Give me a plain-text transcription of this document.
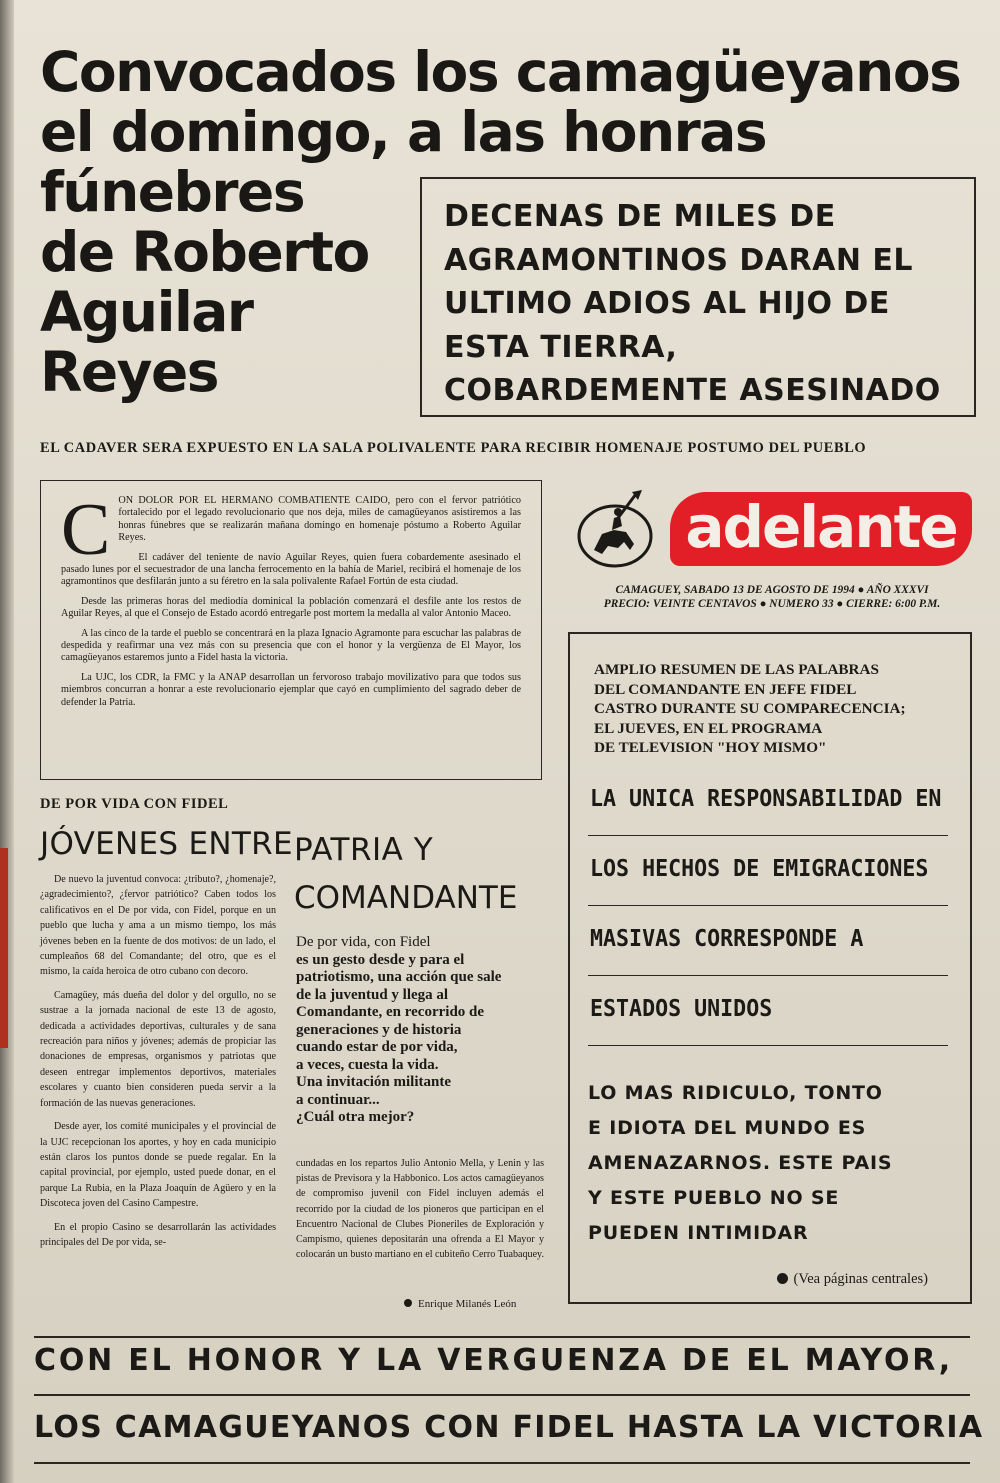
Convocados los camagüeyanos
el domingo, a las honras
fúnebres
de Roberto
Aguilar
Reyes
DECENAS DE MILES DE
AGRAMONTINOS DARAN EL
ULTIMO ADIOS AL HIJO DE
ESTA TIERRA,
COBARDEMENTE ASESINADO
EL CADAVER SERA EXPUESTO EN LA SALA POLIVALENTE PARA RECIBIR HOMENAJE POSTUMO DEL PUEBLO
C ON DOLOR POR EL HERMANO COMBATIENTE CAIDO, pero con el fervor patriótico fortalecido por el legado revolucionario que nos deja, miles de camagüeyanos asistiremos a las honras fúnebres que se realizarán mañana domingo en homenaje póstumo a Roberto Aguilar Reyes.

El cadáver del teniente de navío Aguilar Reyes, quien fuera cobardemente asesinado el pasado lunes por el secuestrador de una lancha ferrocemento en la bahía de Mariel, recibirá el homenaje de los agramontinos que desfilarán junto a su féretro en la sala polivalente Rafael Fortún de esta ciudad.

Desde las primeras horas del mediodía dominical la población comenzará el desfile ante los restos de Aguilar Reyes, al que el Consejo de Estado acordó entregarle post mortem la medalla al valor Antonio Maceo.

A las cinco de la tarde el pueblo se concentrará en la plaza Ignacio Agramonte para escuchar las palabras de despedida y reafirmar una vez más con su presencia que con el honor y la vergüenza de El Mayor, los camagüeyanos estaremos junto a Fidel hasta la victoria.

La UJC, los CDR, la FMC y la ANAP desarrollan un fervoroso trabajo movilizativo para que todos sus miembros concurran a honrar a este revolucionario ejemplar que cayó en cumplimiento del sagrado deber de defender la Patria.

adelante
CAMAGUEY, SABADO 13 DE AGOSTO DE 1994 ● AÑO XXXVI
PRECIO: VEINTE CENTAVOS ● NUMERO 33 ● CIERRE: 6:00 P.M.
AMPLIO RESUMEN DE LAS PALABRAS
DEL COMANDANTE EN JEFE FIDEL
CASTRO DURANTE SU COMPARECENCIA;
EL JUEVES, EN EL PROGRAMA
DE TELEVISION "HOY MISMO"
LA UNICA RESPONSABILIDAD EN
LOS HECHOS DE EMIGRACIONES
MASIVAS CORRESPONDE A
ESTADOS UNIDOS
LO MAS RIDICULO, TONTO
E IDIOTA DEL MUNDO ES
AMENAZARNOS. ESTE PAIS
Y ESTE PUEBLO NO SE
PUEDEN INTIMIDAR
(Vea páginas centrales)
DE POR VIDA CON FIDEL
JÓVENES ENTRE PATRIA Y
COMANDANTE

De nuevo la juventud convoca: ¿tributo?, ¿homenaje?, ¿agradecimiento?, ¿fervor patriótico? Caben todos los calificativos en el De por vida, con Fidel, porque en un pueblo que lucha y ama a un mismo tiempo, los más jóvenes beben en la fuente de dos motivos: de un lado, el cumpleaños 68 del Comandante; del otro, que es el mismo, la caída heroica de otro cubano con decoro.

Camagüey, más dueña del dolor y del orgullo, no se sustrae a la jornada nacional de este 13 de agosto, dedicada a actividades deportivas, culturales y de sana recreación para niños y jóvenes; además de propiciar las donaciones de empresas, organismos y patriotas que deseen entregar implementos deportivos, materiales escolares y cuanto bien consideren pueda servir a la formación de las nuevas generaciones.

Desde ayer, los comité municipales y el provincial de la UJC recepcionan los aportes, y hoy en cada municipio están claros los puntos donde se puede regalar. En la capital provincial, por ejemplo, usted puede donar, en el parque La Rubia, en la Plaza Joaquín de Agüero y en la Discoteca joven del Casino Campestre.

En el propio Casino se desarrollarán las actividades principales del De por vida, se-

De por vida, con Fidel
es un gesto desde y para el
patriotismo, una acción que sale
de la juventud y llega al
Comandante, en recorrido de
generaciones y de historia
cuando estar de por vida,
a veces, cuesta la vida.
Una invitación militante
a continuar...
¿Cuál otra mejor?

cundadas en los repartos Julio Antonio Mella, y Lenin y las pistas de Previsora y la Habbonico. Los actos camagüeyanos de compromiso juvenil con Fidel incluyen además el recorrido por la ciudad de los pioneros que participan en el Encuentro Nacional de Clubes Pioneriles de Exploración y Campismo, quienes depositarán una ofrenda a El Mayor y colocarán un busto martiano en el cubiteño Cerro Tuabaquey.

Enrique Milanés León
CON EL HONOR Y LA VERGUENZA DE EL MAYOR,
LOS CAMAGUEYANOS CON FIDEL HASTA LA VICTORIA
